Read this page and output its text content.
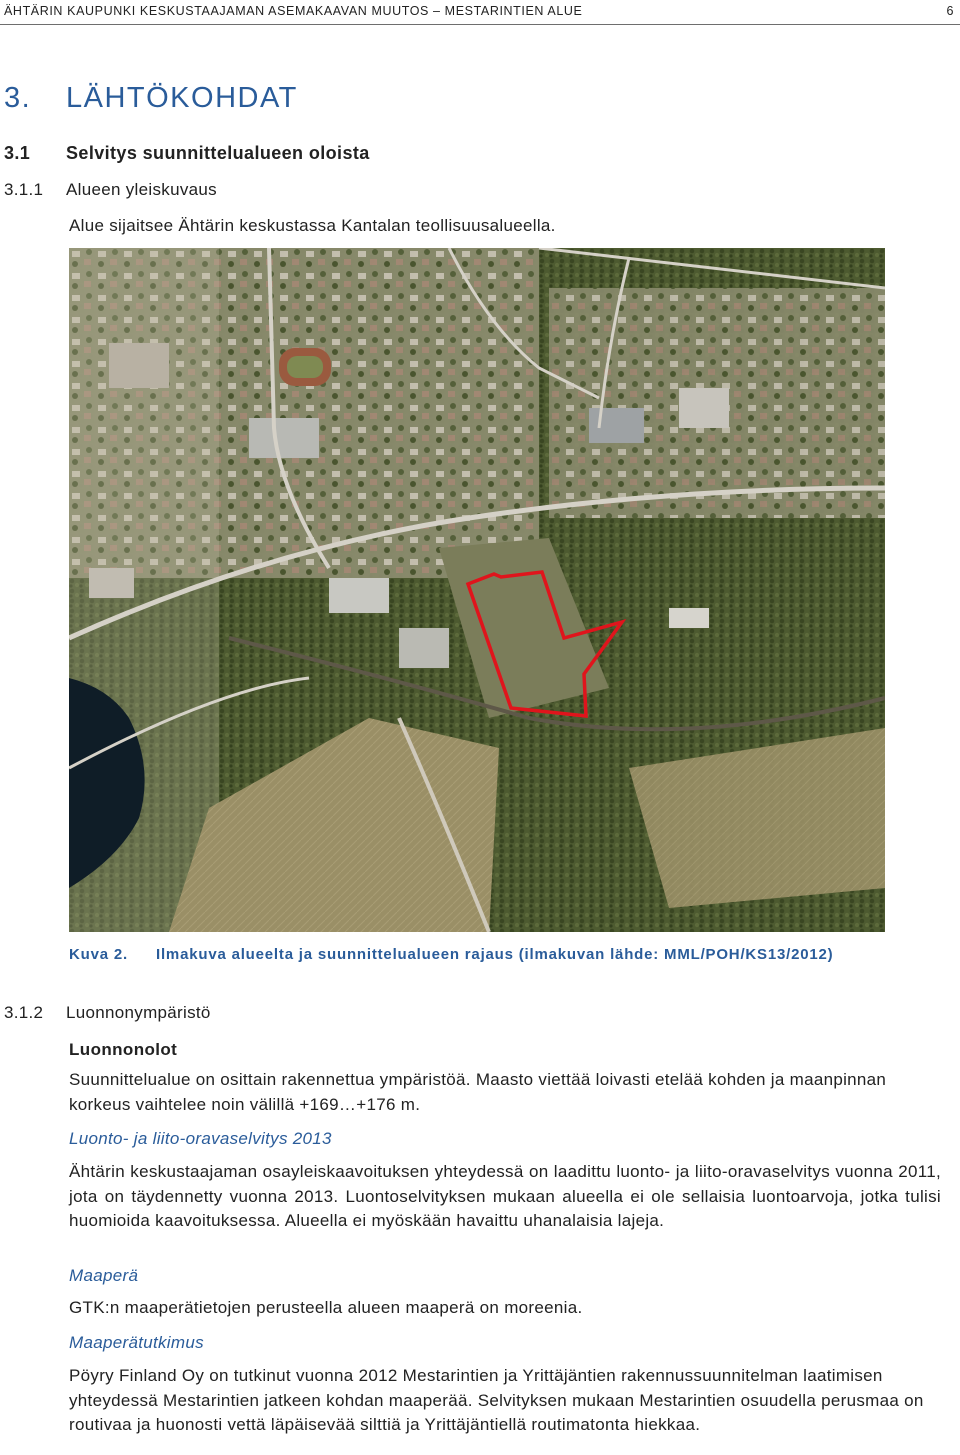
ÄHTÄRIN KAUPUNKI KESKUSTAAJAMAN ASEMAKAAVAN MUUTOS – MESTARINTIEN ALUE	6
3. LÄHTÖKOHDAT
3.1 Selvitys suunnittelualueen oloista
3.1.1 Alueen yleiskuvaus
Alue sijaitsee Ähtärin keskustassa Kantalan teollisuusalueella.
Kuva 2. Ilmakuva alueelta ja suunnittelualueen rajaus (ilmakuvan lähde: MML/POH/KS13/2012)
3.1.2 Luonnonympäristö
Luonnonolot
Suunnittelualue on osittain rakennettua ympäristöä. Maasto viettää loivasti etelää kohden ja maanpinnan korkeus vaihtelee noin välillä +169…+176 m.
Luonto- ja liito-oravaselvitys 2013
Ähtärin keskustaajaman osayleiskaavoituksen yhteydessä on laadittu luonto- ja liito-oravaselvitys vuonna 2011, jota on täydennetty vuonna 2013. Luontoselvityksen mukaan alueella ei ole sellaisia luontoarvoja, jotka tulisi huomioida kaavoituksessa. Alueella ei myöskään havaittu uhanalaisia lajeja.
Maaperä
GTK:n maaperätietojen perusteella alueen maaperä on moreenia.
Maaperätutkimus
Pöyry Finland Oy on tutkinut vuonna 2012 Mestarintien ja Yrittäjäntien rakennussuunnitelman laatimisen yhteydessä Mestarintien jatkeen kohdan maaperää. Selvityksen mukaan Mestarintien osuudella perusmaa on routivaa ja huonosti vettä läpäisevää silttiä ja Yrittäjäntiellä routimatonta hiekkaa.
